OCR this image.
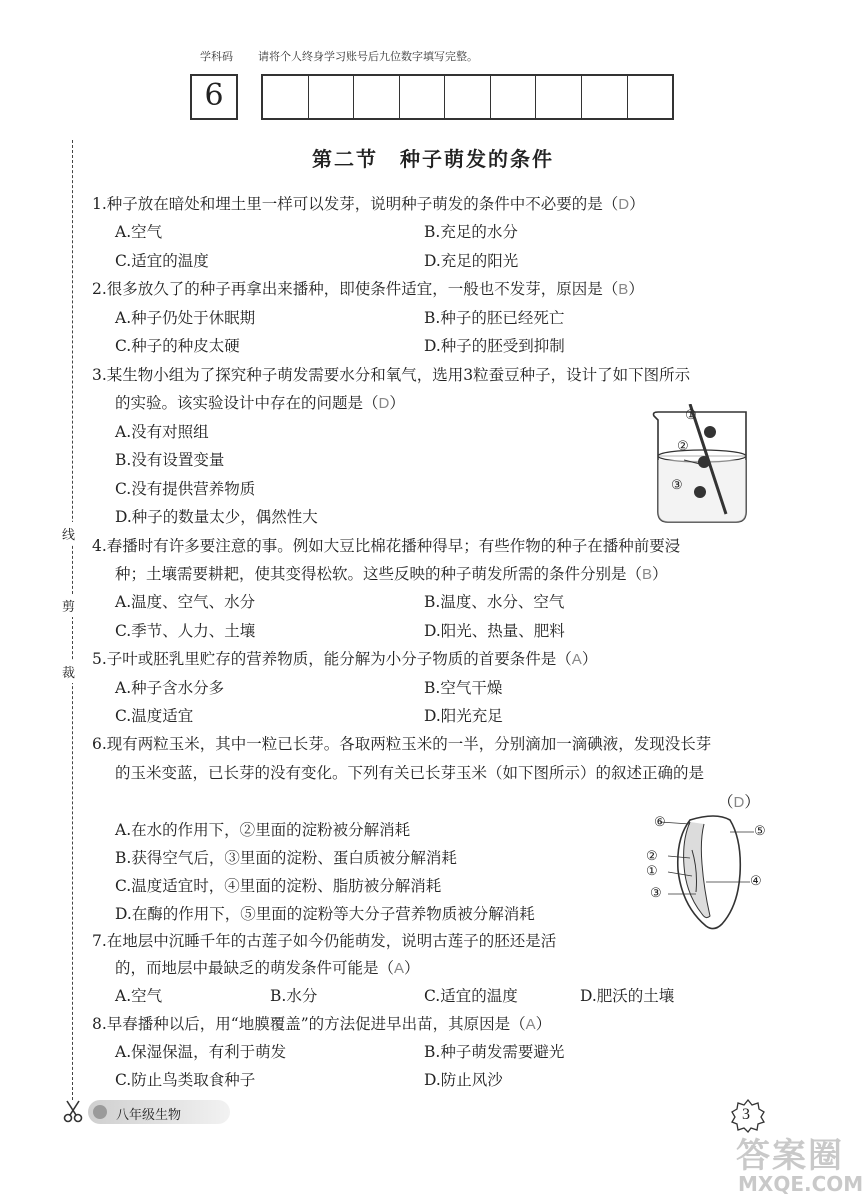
学科码 请将个人终身学习账号后九位数字填写完整。
6
第二节　种子萌发的条件
线
剪
裁
1.种子放在暗处和埋土里一样可以发芽，说明种子萌发的条件中不必要的是（D）
A.空气	B.充足的水分
C.适宜的温度	D.充足的阳光
2.很多放久了的种子再拿出来播种，即使条件适宜，一般也不发芽，原因是（B）
A.种子仍处于休眠期	B.种子的胚已经死亡
C.种子的种皮太硬	D.种子的胚受到抑制
3.某生物小组为了探究种子萌发需要水分和氧气，选用3粒蚕豆种子，设计了如下图所示
的实验。该实验设计中存在的问题是（D）
A.没有对照组
B.没有设置变量
C.没有提供营养物质
D.种子的数量太少，偶然性大
①
②
③
4.春播时有许多要注意的事。例如大豆比棉花播种得早；有些作物的种子在播种前要浸
种；土壤需要耕耙，使其变得松软。这些反映的种子萌发所需的条件分别是（B）
A.温度、空气、水分	B.温度、水分、空气
C.季节、人力、土壤	D.阳光、热量、肥料
5.子叶或胚乳里贮存的营养物质，能分解为小分子物质的首要条件是（A）
A.种子含水分多	B.空气干燥
C.温度适宜	D.阳光充足
6.现有两粒玉米，其中一粒已长芽。各取两粒玉米的一半，分别滴加一滴碘液，发现没长芽
的玉米变蓝，已长芽的没有变化。下列有关已长芽玉米（如下图所示）的叙述正确的是
（D）
A.在水的作用下，②里面的淀粉被分解消耗
B.获得空气后，③里面的淀粉、蛋白质被分解消耗
C.温度适宜时，④里面的淀粉、脂肪被分解消耗
D.在酶的作用下，⑤里面的淀粉等大分子营养物质被分解消耗
⑥
⑤
②
①
④
③
7.在地层中沉睡千年的古莲子如今仍能萌发，说明古莲子的胚还是活
的，而地层中最缺乏的萌发条件可能是（A）
A.空气	B.水分	C.适宜的温度	D.肥沃的土壤
8.早春播种以后，用“地膜覆盖”的方法促进早出苗，其原因是（A）
A.保湿保温，有利于萌发	B.种子萌发需要避光
C.防止鸟类取食种子	D.防止风沙
八年级生物	3
答案圈
MXQE.COM
